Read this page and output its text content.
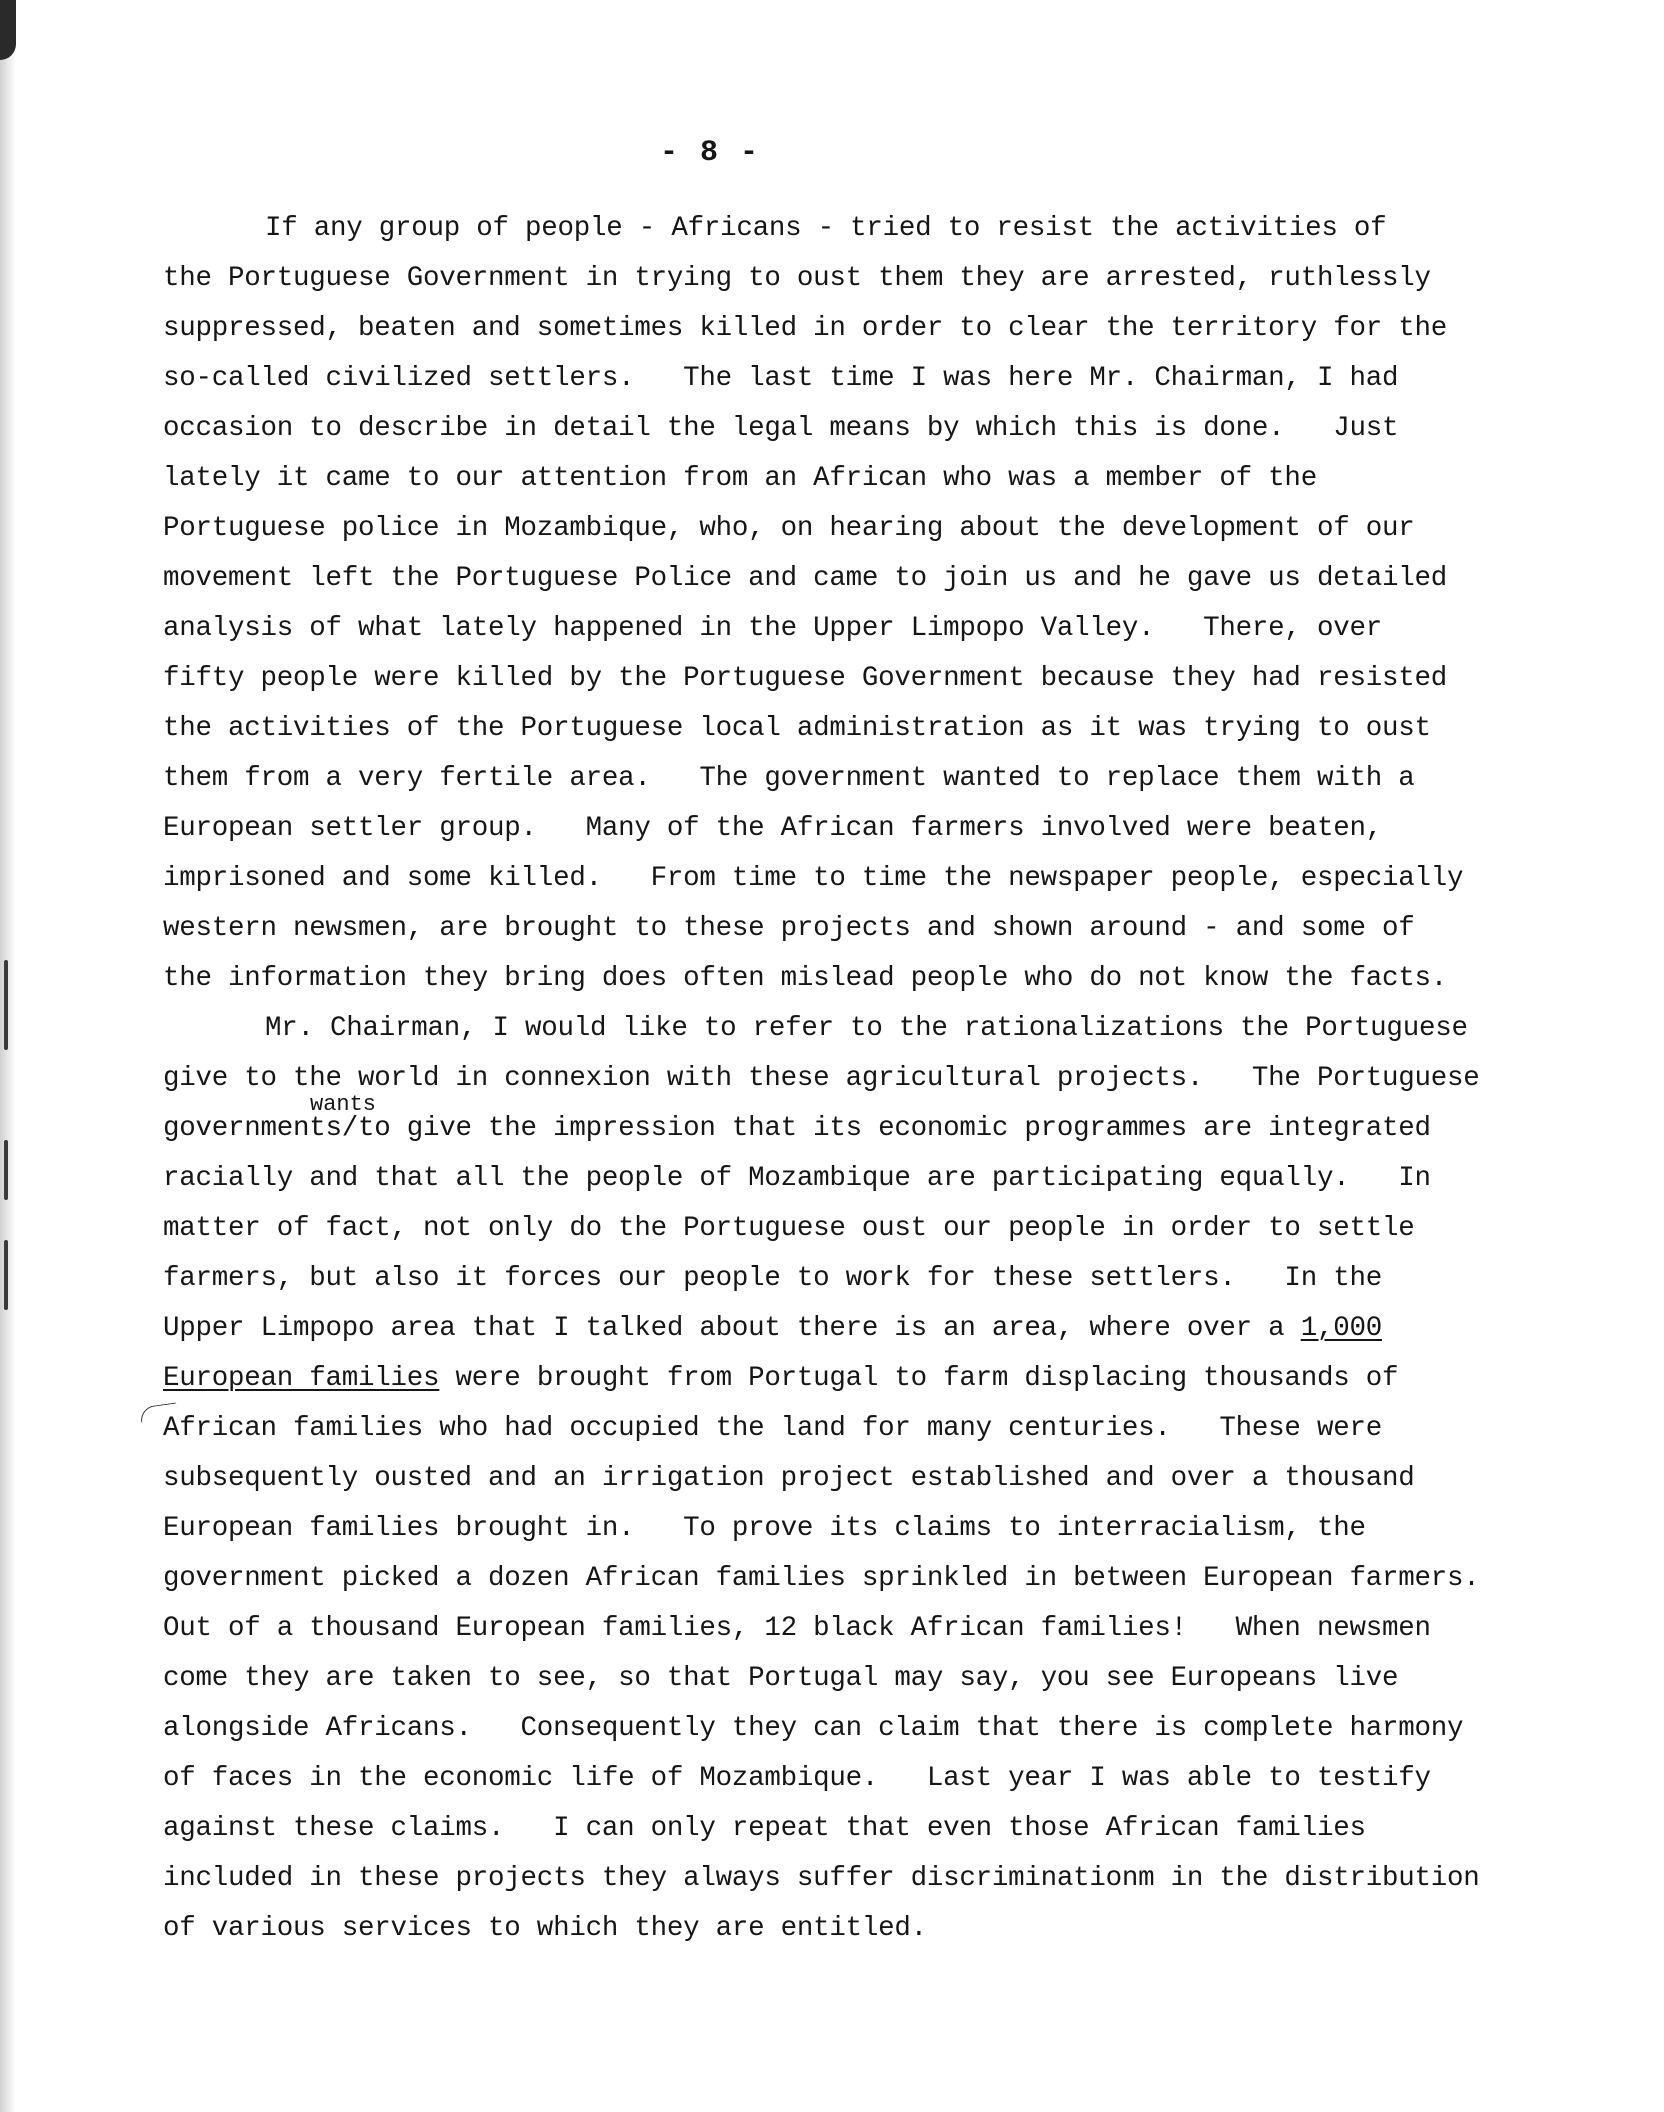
- 8 -
If any group of people - Africans - tried to resist the activities of
the Portuguese Government in trying to oust them they are arrested, ruthlessly
suppressed, beaten and sometimes killed in order to clear the territory for the
so-called civilized settlers.   The last time I was here Mr. Chairman, I had
occasion to describe in detail the legal means by which this is done.   Just
lately it came to our attention from an African who was a member of the
Portuguese police in Mozambique, who, on hearing about the development of our
movement left the Portuguese Police and came to join us and he gave us detailed
analysis of what lately happened in the Upper Limpopo Valley.   There, over
fifty people were killed by the Portuguese Government because they had resisted
the activities of the Portuguese local administration as it was trying to oust
them from a very fertile area.   The government wanted to replace them with a
European settler group.   Many of the African farmers involved were beaten,
imprisoned and some killed.   From time to time the newspaper people, especially
western newsmen, are brought to these projects and shown around - and some of
the information they bring does often mislead people who do not know the facts.
Mr. Chairman, I would like to refer to the rationalizations the Portuguese
give to the world in connexion with these agricultural projects.   The Portuguese
wants
governments/to give the impression that its economic programmes are integrated
racially and that all the people of Mozambique are participating equally.   In
matter of fact, not only do the Portuguese oust our people in order to settle
farmers, but also it forces our people to work for these settlers.   In the
Upper Limpopo area that I talked about there is an area, where over a 1,000
European families were brought from Portugal to farm displacing thousands of
African families who had occupied the land for many centuries.   These were
subsequently ousted and an irrigation project established and over a thousand
European families brought in.   To prove its claims to interracialism, the
government picked a dozen African families sprinkled in between European farmers.
Out of a thousand European families, 12 black African families!   When newsmen
come they are taken to see, so that Portugal may say, you see Europeans live
alongside Africans.   Consequently they can claim that there is complete harmony
of faces in the economic life of Mozambique.   Last year I was able to testify
against these claims.   I can only repeat that even those African families
included in these projects they always suffer discriminationm in the distribution
of various services to which they are entitled.
